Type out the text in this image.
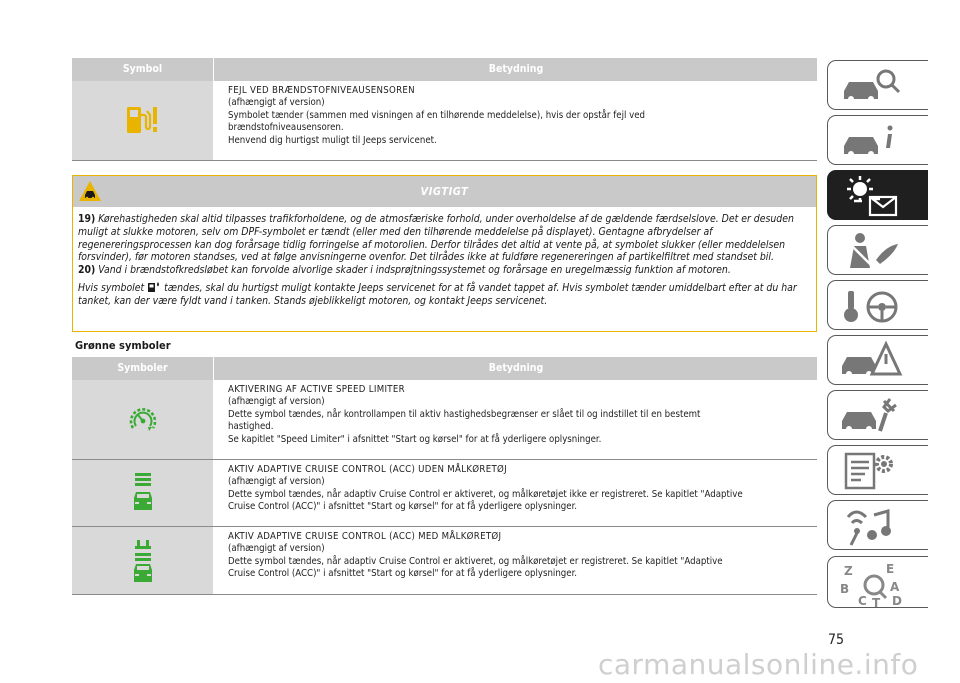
Symbol	Betydning
FEJL VED BRÆNDSTOFNIVEAUSENSOREN
(afhængigt af version)
Symbolet tænder (sammen med visningen af en tilhørende meddelelse), hvis der opstår fejl ved
brændstofniveausensoren.
Henvend dig hurtigst muligt til Jeeps servicenet.
VIGTIGT

19) Kørehastigheden skal altid tilpasses trafikforholdene, og de atmosfæriske forhold, under overholdelse af de gældende færdselslove. Det er desuden muligt at slukke motoren, selv om DPF-symbolet er tændt (eller med den tilhørende meddelelse på displayet). Gentagne afbrydelser af regenereringsprocessen kan dog forårsage tidlig forringelse af motorolien. Derfor tilrådes det altid at vente på, at symbolet slukker (eller meddelelsen forsvinder), før motoren standses, ved at følge anvisningerne ovenfor. Det tilrådes ikke at fuldføre regenereringen af partikelfiltret med standset bil.

20) Vand i brændstofkredsløbet kan forvolde alvorlige skader i indsprøjtningssystemet og forårsage en uregelmæssig funktion af motoren.

Hvis symbolet tændes, skal du hurtigst muligt kontakte Jeeps servicenet for at få vandet tappet af. Hvis symbolet tænder umiddelbart efter at du har tanket, kan der være fyldt vand i tanken. Stands øjeblikkeligt motoren, og kontakt Jeeps servicenet.

Grønne symboler
Symboler	Betydning
AKTIVERING AF ACTIVE SPEED LIMITER
(afhængigt af version)
Dette symbol tændes, når kontrollampen til aktiv hastighedsbegrænser er slået til og indstillet til en bestemt
hastighed.
Se kapitlet "Speed Limiter" i afsnittet "Start og kørsel" for at få yderligere oplysninger.
AKTIV ADAPTIVE CRUISE CONTROL (ACC) UDEN MÅLKØRETØJ
(afhængigt af version)
Dette symbol tændes, når adaptiv Cruise Control er aktiveret, og målkøretøjet ikke er registreret. Se kapitlet "Adaptive
Cruise Control (ACC)" i afsnittet "Start og kørsel" for at få yderligere oplysninger.
AKTIV ADAPTIVE CRUISE CONTROL (ACC) MED MÅLKØRETØJ
(afhængigt af version)
Dette symbol tændes, når adaptiv Cruise Control er aktiveret, og målkøretøjet er registreret. Se kapitlet "Adaptive
Cruise Control (ACC)" i afsnittet "Start og kørsel" for at få yderligere oplysninger.	Z	E
B	A
C D
T
75
carmanualsonline.info
